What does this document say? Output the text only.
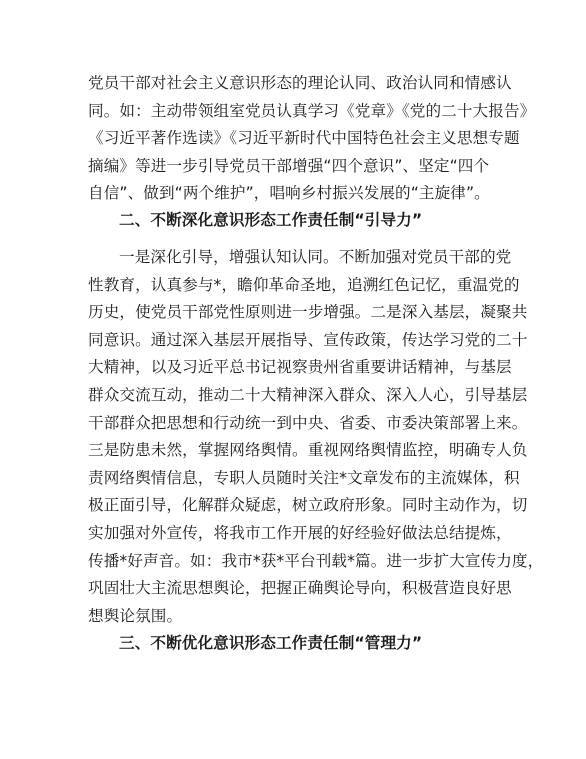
党员干部对社会主义意识形态的理论认同、政治认同和情感认
同。如：主动带领组室党员认真学习《党章》《党的二十大报告》
《习近平著作选读》《习近平新时代中国特色社会主义思想专题
摘编》等进一步引导党员干部增强“四个意识”、坚定“四个
自信”、做到“两个维护”，唱响乡村振兴发展的“主旋律”。
二、不断深化意识形态工作责任制“引导力”
一是深化引导，增强认知认同。不断加强对党员干部的党
性教育，认真参与*，瞻仰革命圣地，追溯红色记忆，重温党的
历史，使党员干部党性原则进一步增强。二是深入基层，凝聚共
同意识。通过深入基层开展指导、宣传政策，传达学习党的二十
大精神，以及习近平总书记视察贵州省重要讲话精神，与基层
群众交流互动，推动二十大精神深入群众、深入人心，引导基层
干部群众把思想和行动统一到中央、省委、市委决策部署上来。
三是防患未然，掌握网络舆情。重视网络舆情监控，明确专人负
责网络舆情信息，专职人员随时关注*文章发布的主流媒体，积
极正面引导，化解群众疑虑，树立政府形象。同时主动作为，切
实加强对外宣传，将我市工作开展的好经验好做法总结提炼，
传播*好声音。如：我市*获*平台刊载*篇。进一步扩大宣传力度，
巩固壮大主流思想舆论，把握正确舆论导向，积极营造良好思
想舆论氛围。
三、不断优化意识形态工作责任制“管理力”
